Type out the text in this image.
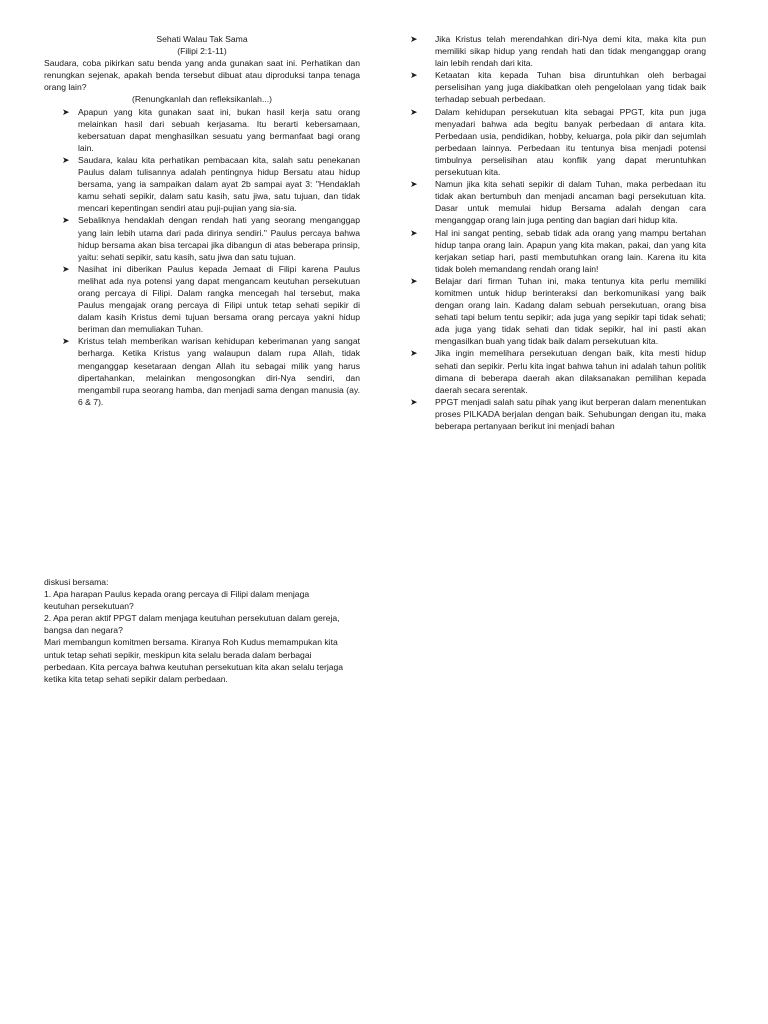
Sehati Walau Tak Sama
(Filipi 2:1-11)
Saudara, coba pikirkan satu benda yang anda gunakan saat ini. Perhatikan dan renungkan sejenak, apakah benda tersebut dibuat atau diproduksi tanpa tenaga orang lain?
(Renungkanlah dan refleksikanlah...)
➤ Apapun yang kita gunakan saat ini, bukan hasil kerja satu orang melainkan hasil dari sebuah kerjasama. Itu berarti kebersamaan, kebersatuan dapat menghasilkan sesuatu yang bermanfaat bagi orang lain.
➤ Saudara, kalau kita perhatikan pembacaan kita, salah satu penekanan Paulus dalam tulisannya adalah pentingnya hidup Bersatu atau hidup bersama, yang ia sampaikan dalam ayat 2b sampai ayat 3: "Hendaklah kamu sehati sepikir, dalam satu kasih, satu jiwa, satu tujuan, dan tidak mencari kepentingan sendiri atau puji-pujian yang sia-sia.
➤ Sebaliknya hendaklah dengan rendah hati yang seorang menganggap yang lain lebih utama dari pada dirinya sendiri." Paulus percaya bahwa hidup bersama akan bisa tercapai jika dibangun di atas beberapa prinsip, yaitu: sehati sepikir, satu kasih, satu jiwa dan satu tujuan.
➤ Nasihat ini diberikan Paulus kepada Jemaat di Filipi karena Paulus melihat ada nya potensi yang dapat mengancam keutuhan persekutuan orang percaya di Filipi. Dalam rangka mencegah hal tersebut, maka Paulus mengajak orang percaya di Filipi untuk tetap sehati sepikir di dalam kasih Kristus demi tujuan bersama orang percaya yakni hidup beriman dan memuliakan Tuhan.
➤ Kristus telah memberikan warisan kehidupan keberimanan yang sangat berharga. Ketika Kristus yang walaupun dalam rupa Allah, tidak menganggap kesetaraan dengan Allah itu sebagai milik yang harus dipertahankan, melainkan mengosongkan diri-Nya sendiri, dan mengambil rupa seorang hamba, dan menjadi sama dengan manusia (ay. 6 & 7).
➤ Jika Kristus telah merendahkan diri-Nya demi kita, maka kita pun memiliki sikap hidup yang rendah hati dan tidak menganggap orang lain lebih rendah dari kita.
➤ Ketaatan kita kepada Tuhan bisa diruntuhkan oleh berbagai perselisihan yang juga diakibatkan oleh pengelolaan yang tidak baik terhadap sebuah perbedaan.
➤ Dalam kehidupan persekutuan kita sebagai PPGT, kita pun juga menyadari bahwa ada begitu banyak perbedaan di antara kita. Perbedaan usia, pendidikan, hobby, keluarga, pola pikir dan sejumlah perbedaan lainnya. Perbedaan itu tentunya bisa menjadi potensi timbulnya perselisihan atau konflik yang dapat meruntuhkan persekutuan kita.
➤ Namun jika kita sehati sepikir di dalam Tuhan, maka perbedaan itu tidak akan bertumbuh dan menjadi ancaman bagi persekutuan kita. Dasar untuk memulai hidup Bersama adalah dengan cara menganggap orang lain juga penting dan bagian dari hidup kita.
➤ Hal ini sangat penting, sebab tidak ada orang yang mampu bertahan hidup tanpa orang lain. Apapun yang kita makan, pakai, dan yang kita kerjakan setiap hari, pasti membutuhkan orang lain. Karena itu kita tidak boleh memandang rendah orang lain!
➤ Belajar dari firman Tuhan ini, maka tentunya kita perlu memiliki komitmen untuk hidup berinteraksi dan berkomunikasi yang baik dengan orang lain. Kadang dalam sebuah persekutuan, orang bisa sehati tapi belum tentu sepikir; ada juga yang sepikir tapi tidak sehati; ada juga yang tidak sehati dan tidak sepikir, hal ini pasti akan mengasilkan buah yang tidak baik dalam persekutuan kita.
➤ Jika ingin memelihara persekutuan dengan baik, kita mesti hidup sehati dan sepikir. Perlu kita ingat bahwa tahun ini adalah tahun politik dimana di beberapa daerah akan dilaksanakan pemilihan kepada daerah secara serentak.
➤ PPGT menjadi salah satu pihak yang ikut berperan dalam menentukan proses PILKADA berjalan dengan baik. Sehubungan dengan itu, maka beberapa pertanyaan berikut ini menjadi bahan
diskusi bersama:
1. Apa harapan Paulus kepada orang percaya di Filipi dalam menjaga keutuhan persekutuan?
2. Apa peran aktif PPGT dalam menjaga keutuhan persekutuan dalam gereja, bangsa dan negara?
Mari membangun komitmen bersama. Kiranya Roh Kudus memampukan kita untuk tetap sehati sepikir, meskipun kita selalu berada dalam berbagai perbedaan. Kita percaya bahwa keutuhan persekutuan kita akan selalu terjaga ketika kita tetap sehati sepikir dalam perbedaan.
